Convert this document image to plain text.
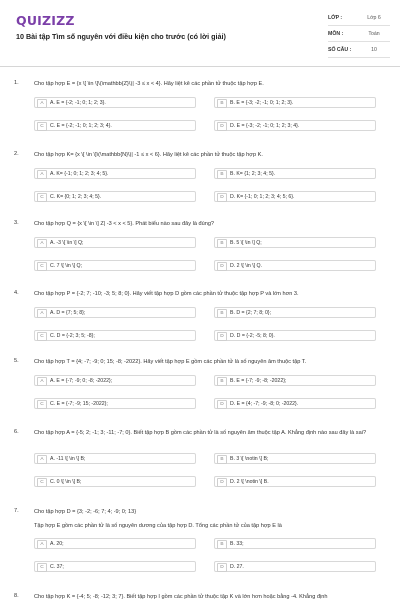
QUIZIZZ
10 Bài tập Tìm số nguyên với điều kiện cho trước (có lời giải)
LỚP :	Lớp 6
MÔN :	Toán
SỐ CÂU :	10
1.	Cho tập hợp E = {x \[ \in \]\(\mathbb{Z}\)| -3 ≤ x < 4}. Hãy liệt kê các phần tử thuộc tập hợp E.
A	A. E = {-2; -1; 0; 1; 2; 3}.	B	B. E = {-3; -2; -1; 0; 1; 2; 3}.
C	C. E = {-2; -1; 0; 1; 2; 3; 4}.	D	D. E = {-3; -2; -1; 0; 1; 2; 3; 4}.
2.	Cho tập hợp K= {x \[ \in \]\(\mathbb{N}\)| -1 ≤ x < 6}. Hãy liệt kê các phần tử thuộc tập hợp K.
A	A. K= {-1; 0; 1; 2; 3; 4; 5}.	B	B. K= {1; 2; 3; 4; 5}.
C	C. K= {0; 1; 2; 3; 4; 5}.	D	D. K= {-1; 0; 1; 2; 3; 4; 5; 6}.
3.	Cho tập hợp Q = {x \[ \in \] Z| -3 < x < 5}. Phát biểu nào sau đây là đúng?
A	A. -3 \[ \in \] Q;	B	B. 5 \[ \in \] Q;
C	C. 7 \[ \in \] Q;	D	D. 2 \[ \in \] Q.
4.	Cho tập hợp P = {-2; 7; -10; -3; 5; 8; 0}. Hãy viết tập hợp D gồm các phần tử thuộc tập hợp P và lớn hơn 3.
A	A. D = {7; 5; 8};	B	B. D = {2; 7; 8; 0};
C	C. D = {-2; 3; 5; -8};	D	D. D = {-2; -5; 8; 0}.
5.	Cho tập hợp T = {4; -7; -9; 0; 15; -8; -2022}. Hãy viết tập hợp E gồm các phần tử là số nguyên âm thuộc tập T.
A	A. E = {-7; -9; 0; -8; -2022};	B	B. E = {-7; -9; -8; -2022};
C	C. E = {-7; -9; 15; -2022};	D	D. E = {4; -7; -9; -8; 0; -2022}.
6.	Cho tập hợp A = {-5; 2; -1; 3; -11; -7; 0}. Biết tập hợp B gồm các phần tử là số nguyên âm thuộc tập A. Khẳng định nào sau đây là sai?
A	A. -11 \[ \in \] B;	B	B. 3 \[ \notin \] B;
C	C. 0 \[ \in \] B;	D	D. 2 \[ \notin \] B.
7.	Cho tập hợp D = {3; -2; -6; 7; 4; -9; 0; 13}
Tập hợp E gồm các phần tử là số nguyên dương của tập hợp D. Tổng các phần tử của tập hợp E là
A	A. 20;	B	B. 33;
C	C. 37;	D	D. 27.
8.	Cho tập hợp K = {-4; 5; -8; -12; 3; 7}. Biết tập hợp I gồm các phần tử thuộc tập K và lớn hơn hoặc bằng -4. Khẳng định
